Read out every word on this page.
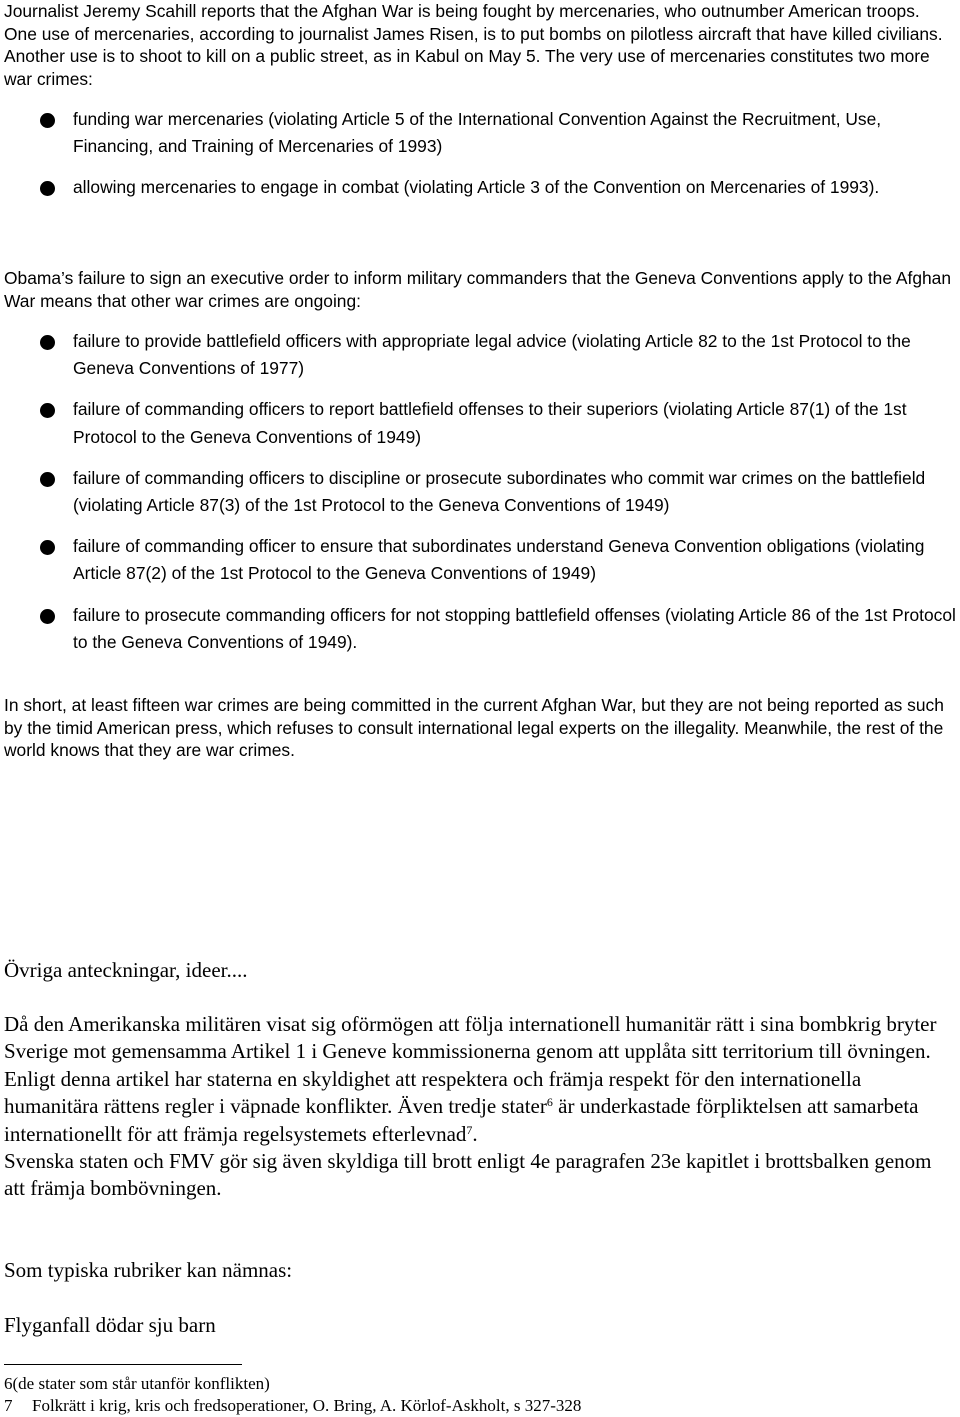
Journalist Jeremy Scahill reports that the Afghan War is being fought by mercenaries, who outnumber American troops. One use of mercenaries, according to journalist James Risen, is to put bombs on pilotless aircraft that have killed civilians. Another use is to shoot to kill on a public street, as in Kabul on May 5. The very use of mercenaries constitutes two more war crimes:

funding war mercenaries (violating Article 5 of the International Convention Against the Recruitment, Use, Financing, and Training of Mercenaries of 1993)
allowing mercenaries to engage in combat (violating Article 3 of the Convention on Mercenaries of 1993).

Obama’s failure to sign an executive order to inform military commanders that the Geneva Conventions apply to the Afghan War means that other war crimes are ongoing:

failure to provide battlefield officers with appropriate legal advice (violating Article 82 to the 1st Protocol to the Geneva Conventions of 1977)
failure of commanding officers to report battlefield offenses to their superiors (violating Article 87(1) of the 1st Protocol to the Geneva Conventions of 1949)
failure of commanding officers to discipline or prosecute subordinates who commit war crimes on the battlefield (violating Article 87(3) of the 1st Protocol to the Geneva Conventions of 1949)
failure of commanding officer to ensure that subordinates understand Geneva Convention obligations (violating Article 87(2) of the 1st Protocol to the Geneva Conventions of 1949)
failure to prosecute commanding officers for not stopping battlefield offenses (violating Article 86 of the 1st Protocol to the Geneva Conventions of 1949).

In short, at least fifteen war crimes are being committed in the current Afghan War, but they are not being reported as such by the timid American press, which refuses to consult international legal experts on the illegality. Meanwhile, the rest of the world knows that they are war crimes.

Övriga anteckningar, ideer....

Då den Amerikanska militären visat sig oförmögen att följa internationell humanitär rätt i sina bombkrig bryter Sverige mot gemensamma Artikel 1 i Geneve kommissionerna genom att upplåta sitt territorium till övningen. Enligt denna artikel har staterna en skyldighet att respektera och främja respekt för den internationella humanitära rättens regler i väpnade konflikter. Även tredje stater$^6$ är underkastade förpliktelsen att samarbeta internationellt för att främja regelsystemets efterlevnad$^7$.
Svenska staten och FMV gör sig även skyldiga till brott enligt 4e paragrafen 23e kapitlet i brottsbalken genom att främja bombövningen.

Som typiska rubriker kan nämnas:

Flyganfall dödar sju barn

6(de stater som står utanför konflikten)
7 Folkrätt i krig, kris och fredsoperationer, O. Bring, A. Körlof-Askholt, s 327-328
